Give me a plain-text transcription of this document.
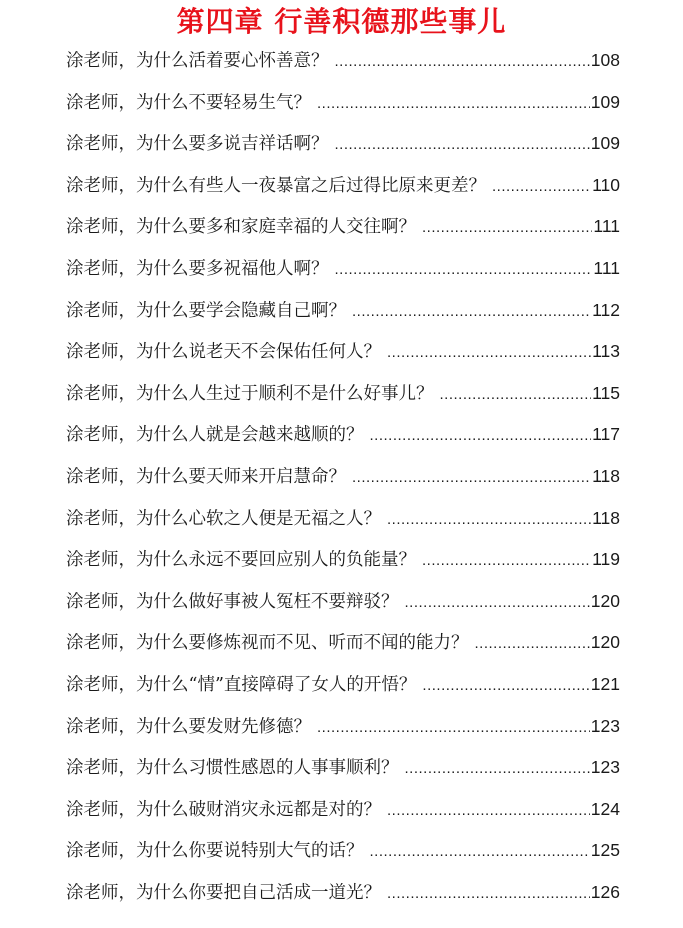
第四章 行善积德那些事儿
涂老师，为什么活着要心怀善意？ .....	108
涂老师，为什么不要轻易生气？ .....	109
涂老师，为什么要多说吉祥话啊？ .....	109
涂老师，为什么有些人一夜暴富之后过得比原来更差？ .....	110
涂老师，为什么要多和家庭幸福的人交往啊？ .....	111
涂老师，为什么要多祝福他人啊？ .....	111
涂老师，为什么要学会隐藏自己啊？ .....	112
涂老师，为什么说老天不会保佑任何人？ .....	113
涂老师，为什么人生过于顺利不是什么好事儿？ .....	115
涂老师，为什么人就是会越来越顺的？ .....	117
涂老师，为什么要天师来开启慧命？ .....	118
涂老师，为什么心软之人便是无福之人？ .....	118
涂老师，为什么永远不要回应别人的负能量？ .....	119
涂老师，为什么做好事被人冤枉不要辩驳？ .....	120
涂老师，为什么要修炼视而不见、听而不闻的能力？ .....	120
涂老师，为什么“情”直接障碍了女人的开悟？ .....	121
涂老师，为什么要发财先修德？ .....	123
涂老师，为什么习惯性感恩的人事事顺利？ .....	123
涂老师，为什么破财消灾永远都是对的？ .....	124
涂老师，为什么你要说特别大气的话？ .....	125
涂老师，为什么你要把自己活成一道光？ .....	126
